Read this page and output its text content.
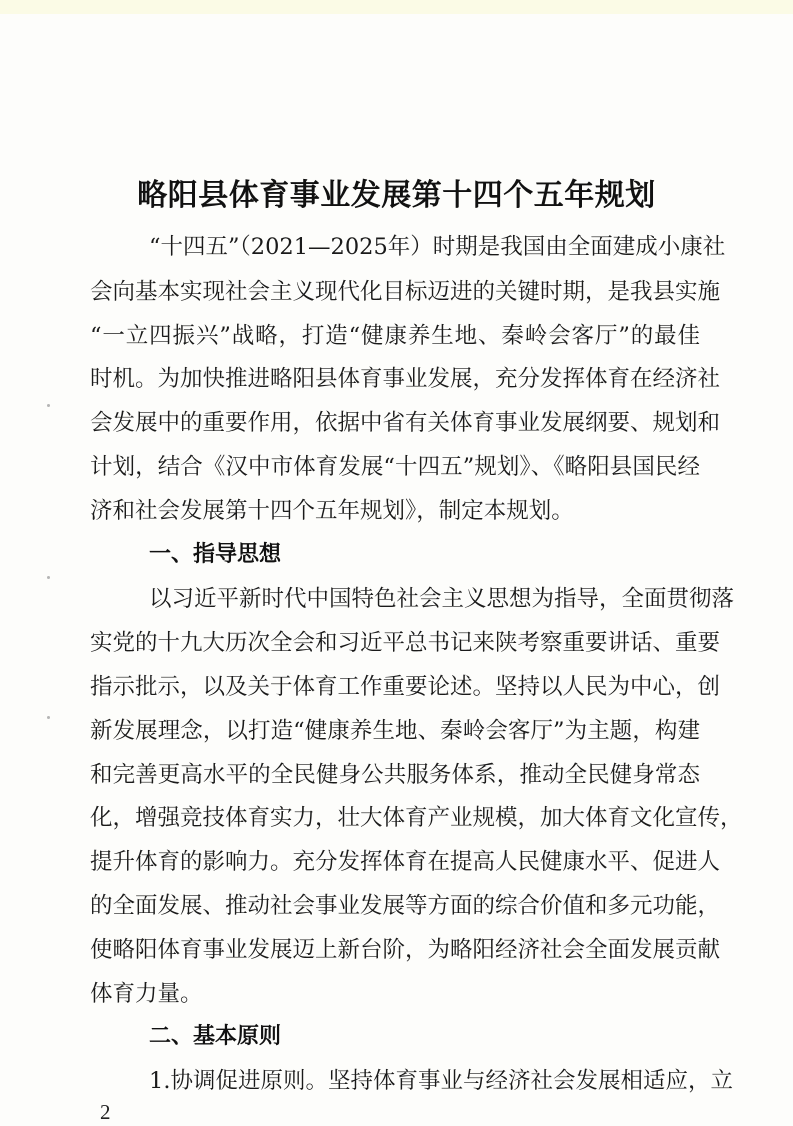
略阳县体育事业发展第十四个五年规划

“十四五”（2021—2025年）时期是我国由全面建成小康社

会向基本实现社会主义现代化目标迈进的关键时期，是我县实施

“一立四振兴”战略，打造“健康养生地、秦岭会客厅”的最佳

时机。为加快推进略阳县体育事业发展，充分发挥体育在经济社

会发展中的重要作用，依据中省有关体育事业发展纲要、规划和

计划，结合《汉中市体育发展“十四五”规划》、《略阳县国民经

济和社会发展第十四个五年规划》，制定本规划。

一、指导思想

以习近平新时代中国特色社会主义思想为指导，全面贯彻落

实党的十九大历次全会和习近平总书记来陕考察重要讲话、重要

指示批示，以及关于体育工作重要论述。坚持以人民为中心，创

新发展理念，以打造“健康养生地、秦岭会客厅”为主题，构建

和完善更高水平的全民健身公共服务体系，推动全民健身常态

化，增强竞技体育实力，壮大体育产业规模，加大体育文化宣传，

提升体育的影响力。充分发挥体育在提高人民健康水平、促进人

的全面发展、推动社会事业发展等方面的综合价值和多元功能，

使略阳体育事业发展迈上新台阶，为略阳经济社会全面发展贡献

体育力量。

二、基本原则

1.协调促进原则。坚持体育事业与经济社会发展相适应，立

2
